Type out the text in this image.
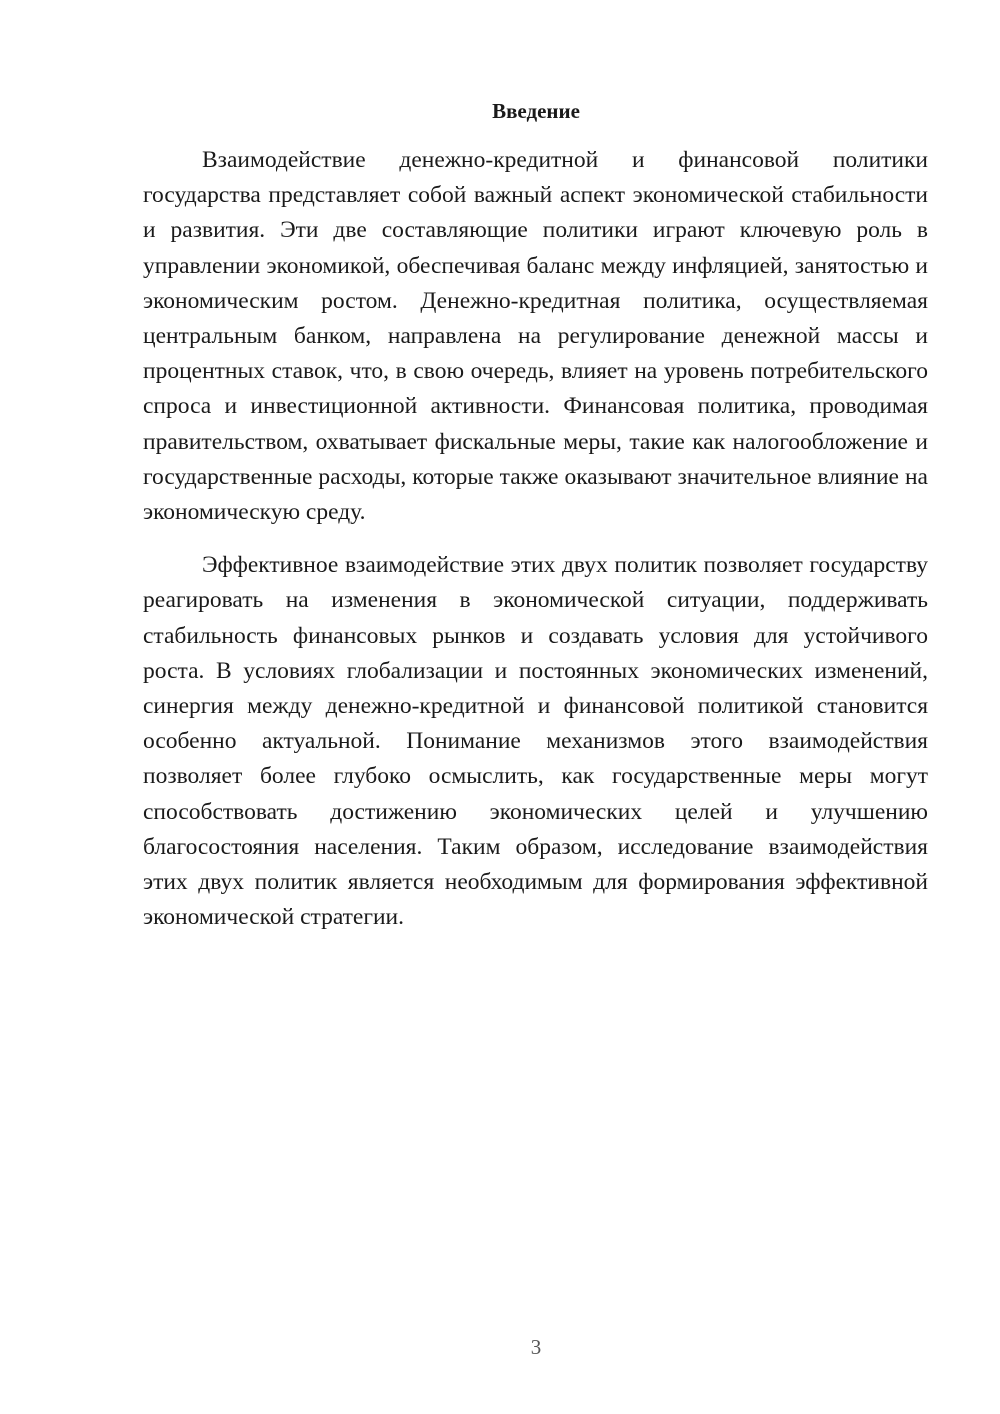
Введение

Взаимодействие денежно-кредитной и финансовой политики государства представляет собой важный аспект экономической стабильности и развития. Эти две составляющие политики играют ключевую роль в управлении экономикой, обеспечивая баланс между инфляцией, занятостью и экономическим ростом. Денежно-кредитная политика, осуществляемая центральным банком, направлена на регулирование денежной массы и процентных ставок, что, в свою очередь, влияет на уровень потребительского спроса и инвестиционной активности. Финансовая политика, проводимая правительством, охватывает фискальные меры, такие как налогообложение и государственные расходы, которые также оказывают значительное влияние на экономическую среду.

Эффективное взаимодействие этих двух политик позволяет государству реагировать на изменения в экономической ситуации, поддерживать стабильность финансовых рынков и создавать условия для устойчивого роста. В условиях глобализации и постоянных экономических изменений, синергия между денежно-кредитной и финансовой политикой становится особенно актуальной. Понимание механизмов этого взаимодействия позволяет более глубоко осмыслить, как государственные меры могут способствовать достижению экономических целей и улучшению благосостояния населения. Таким образом, исследование взаимодействия этих двух политик является необходимым для формирования эффективной экономической стратегии.

3
